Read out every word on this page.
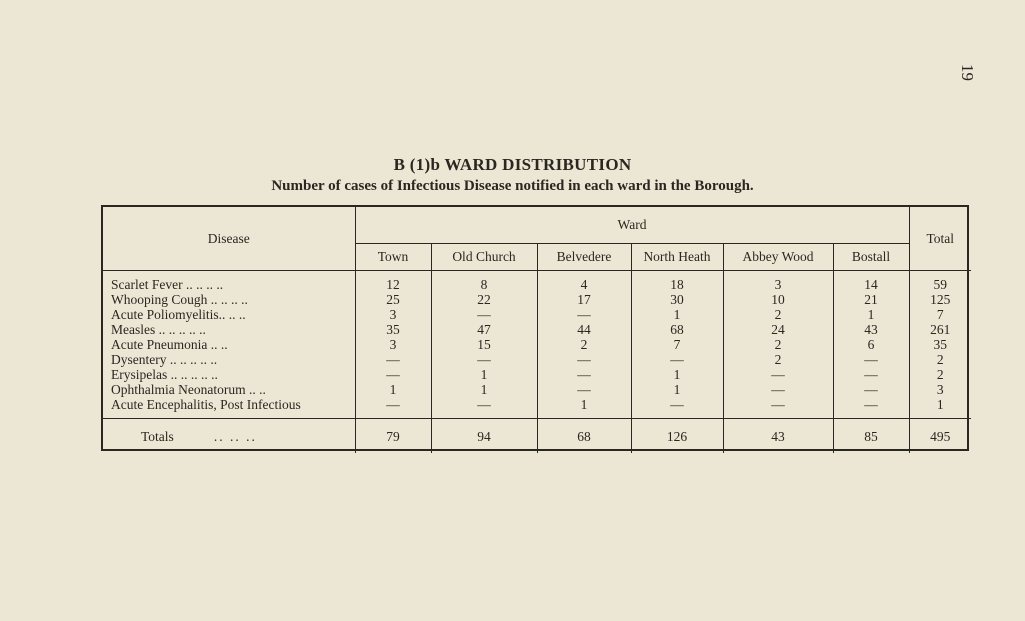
19
B (1)b WARD DISTRIBUTION
Number of cases of Infectious Disease notified in each ward in the Borough.
Disease	Ward						Total
	Town	Old Church	Belvedere	North Heath	Abbey Wood	Bostall	
Scarlet Fever .. .. .. ..	12	8	4	18	3	14	59
Whooping Cough .. .. .. ..	25	22	17	30	10	21	125
Acute Poliomyelitis.. .. ..	3	—	—	1	2	1	7
Measles .. .. .. .. ..	35	47	44	68	24	43	261
Acute Pneumonia .. ..	3	15	2	7	2	6	35
Dysentery .. .. .. .. ..	—	—	—	—	2	—	2
Erysipelas .. .. .. .. ..	—	1	—	1	—	—	2
Ophthalmia Neonatorum .. ..	1	1	—	1	—	—	3
Acute Encephalitis, Post Infectious	—	—	1	—	—	—	1
Totals .. .. ..	79	94	68	126	43	85	495
